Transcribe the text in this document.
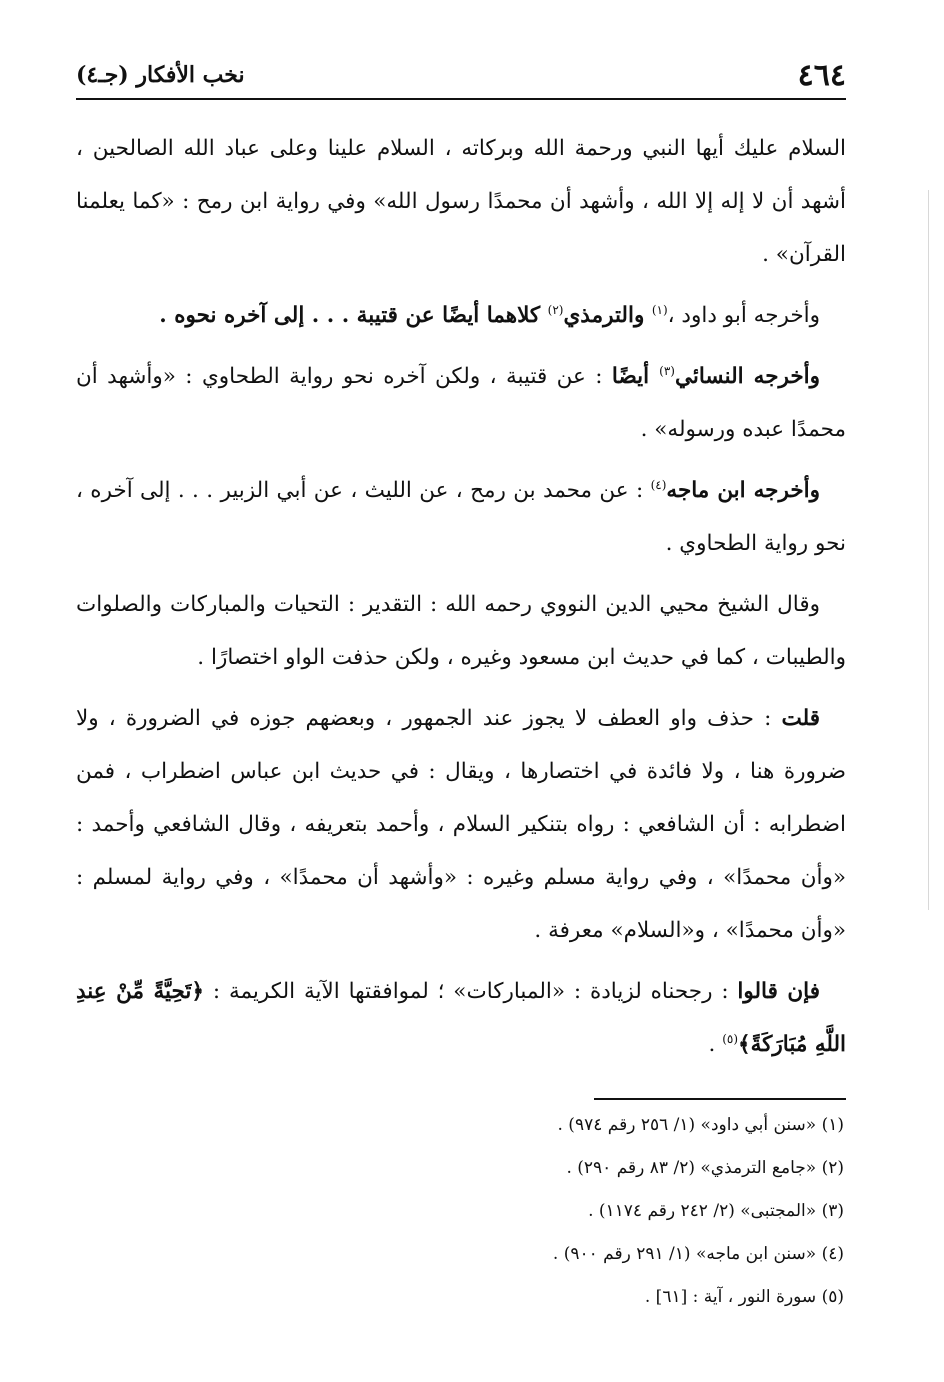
٤٦٤
نخب الأفكار (جـ٤)

السلام عليك أيها النبي ورحمة الله وبركاته ، السلام علينا وعلى عباد الله الصالحين ، أشهد أن لا إله إلا الله ، وأشهد أن محمدًا رسول الله» وفي رواية ابن رمح : «كما يعلمنا القرآن» .

وأخرجه أبو داود ،$^{(١)}$ والترمذي$^{(٢)}$ كلاهما أيضًا عن قتيبة . . . إلى آخره نحوه .

وأخرجه النسائي$^{(٣)}$ أيضًا : عن قتيبة ، ولكن آخره نحو رواية الطحاوي : «وأشهد أن محمدًا عبده ورسوله» .

وأخرجه ابن ماجه$^{(٤)}$ : عن محمد بن رمح ، عن الليث ، عن أبي الزبير . . . إلى آخره ، نحو رواية الطحاوي .

وقال الشيخ محيي الدين النووي رحمه الله : التقدير : التحيات والمباركات والصلوات والطيبات ، كما في حديث ابن مسعود وغيره ، ولكن حذفت الواو اختصارًا .

قلت : حذف واو العطف لا يجوز عند الجمهور ، وبعضهم جوزه في الضرورة ، ولا ضرورة هنا ، ولا فائدة في اختصارها ، ويقال : في حديث ابن عباس اضطراب ، فمن اضطرابه : أن الشافعي : رواه بتنكير السلام ، وأحمد بتعريفه ، وقال الشافعي وأحمد : «وأن محمدًا» ، وفي رواية مسلم وغيره : «وأشهد أن محمدًا» ، وفي رواية لمسلم : «وأن محمدًا» ، و«السلام» معرفة .

فإن قالوا : رجحناه لزيادة : «المباركات» ؛ لموافقتها الآية الكريمة : ﴿تَحِيَّةً مِّنْ عِندِ اللَّهِ مُبَارَكَةً﴾$^{(٥)}$ .

(١) «سنن أبي داود» (١/ ٢٥٦ رقم ٩٧٤) .
(٢) «جامع الترمذي» (٢/ ٨٣ رقم ٢٩٠) .
(٣) «المجتبى» (٢/ ٢٤٢ رقم ١١٧٤) .
(٤) «سنن ابن ماجه» (١/ ٢٩١ رقم ٩٠٠) .
(٥) سورة النور ، آية : [٦١] .
